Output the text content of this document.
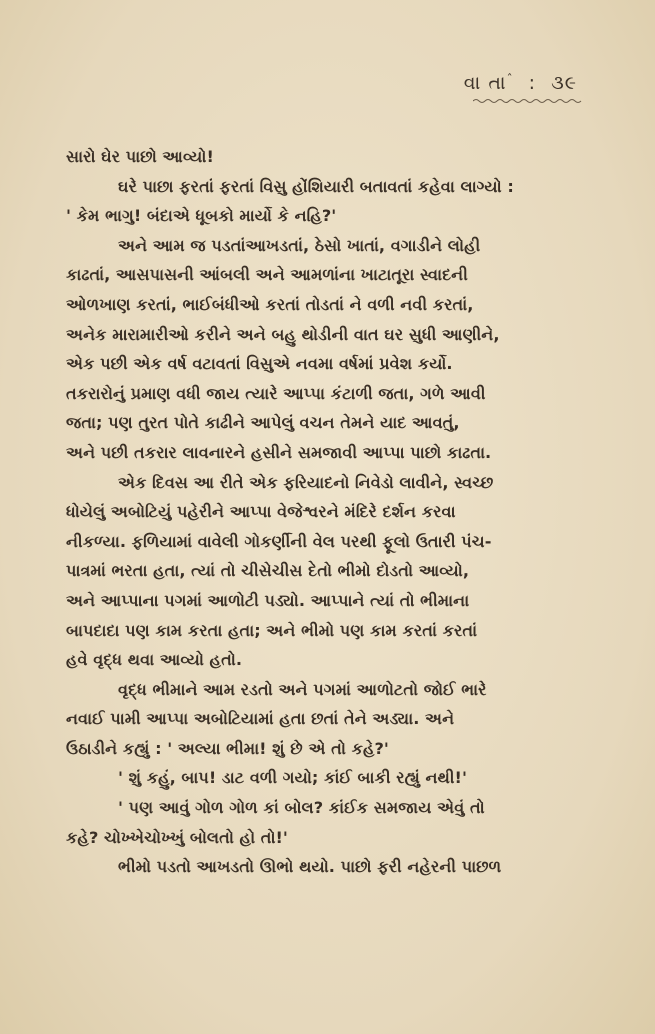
વા તા$^ˆ$ : ૩૯
સારો ઘેર પાછો આવ્યો!
ઘરે પાછા ફરતાં ફરતાં વિસુ હોંશિયારી બતાવતાં કહેવા લાગ્યો :
' કેમ ભાગુ! બંદાએ ધૂબકો માર્યો કે નહિ?'
અને આમ જ પડતાંઆખડતાં, ઠેસો ખાતાં, વગાડીને લોહી
કાઢતાં, આસપાસની આંબલી અને આમળાંના ખાટાતૂરા સ્વાદની
ઓળખાણ કરતાં, ભાઈબંધીઓ કરતાં તોડતાં ને વળી નવી કરતાં,
અનેક મારામારીઓ કરીને અને બહુ થોડીની વાત ઘર સુધી આણીને,
એક પછી એક વર્ષ વટાવતાં વિસુએ નવમા વર્ષમાં પ્રવેશ કર્યો.
તકરારોનું પ્રમાણ વધી જાય ત્યારે આપ્પા કંટાળી જતા, ગળે આવી
જતા; પણ તુરત પોતે કાઢીને આપેલું વચન તેમને યાદ આવતું,
અને પછી તકરાર લાવનારને હસીને સમજાવી આપ્પા પાછો કાઢતા.
એક દિવસ આ રીતે એક ફરિયાદનો નિવેડો લાવીને, સ્વચ્છ
ધોયેલું અબોટિયું પહેરીને આપ્પા વેજેશ્વરને મંદિરે દર્શન કરવા
નીકળ્યા. ફળિયામાં વાવેલી ગોકર્ણીની વેલ પરથી ફૂલો ઉતારી પંચ-
પાત્રમાં ભરતા હતા, ત્યાં તો ચીસેચીસ દેતો ભીમો દોડતો આવ્યો,
અને આપ્પાના પગમાં આળોટી પડ્યો. આપ્પાને ત્યાં તો ભીમાના
બાપદાદા પણ કામ કરતા હતા; અને ભીમો પણ કામ કરતાં કરતાં
હવે વૃદ્ધ થવા આવ્યો હતો.
વૃદ્ધ ભીમાને આમ રડતો અને પગમાં આળોટતો જોઈ ભારે
નવાઈ પામી આપ્પા અબોટિયામાં હતા છતાં તેને અડ્યા. અને
ઉઠાડીને કહ્યું : ' અલ્યા ભીમા! શું છે એ તો કહે?'
' શું કહું, બાપ! ડાટ વળી ગયો; કાંઈ બાકી રહ્યું નથી!'
' પણ આવું ગોળ ગોળ કાં બોલ? કાંઈક સમજાય એવું તો
કહે? ચોખ્ખેચોખ્ખું બોલતો હો તો!'
ભીમો પડતો આખડતો ઊભો થયો. પાછો ફરી નહેરની પાછળ
